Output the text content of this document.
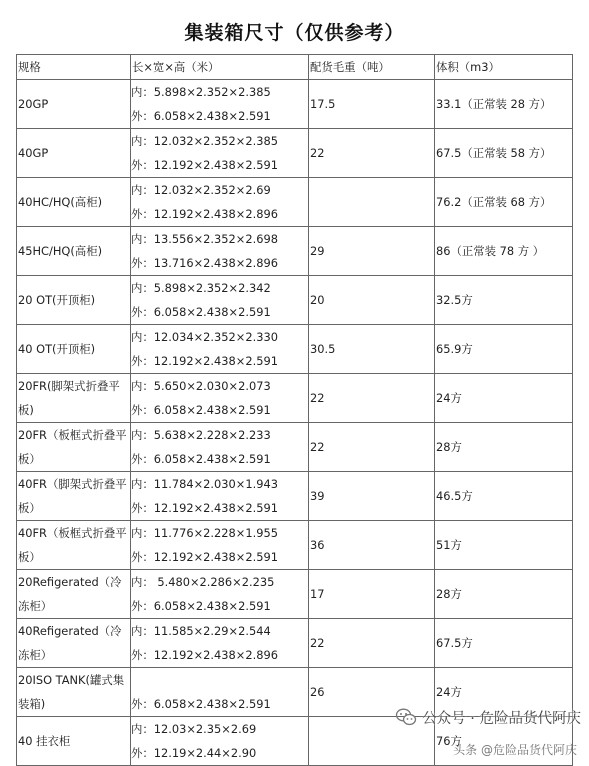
集装箱尺寸（仅供参考）
规格	长×宽×高（米）	配货毛重（吨）	体积（m3）

20GP	内：5.898×2.352×2.385
外：6.058×2.438×2.591	17.5	33.1（正常装 28 方）

40GP	内：12.032×2.352×2.385
外：12.192×2.438×2.591	22	67.5（正常装 58 方）

40HC/HQ(高柜)	内：12.032×2.352×2.69
外：12.192×2.438×2.896		76.2（正常装 68 方）

45HC/HQ(高柜)	内：13.556×2.352×2.698
外：13.716×2.438×2.896	29	86（正常装 78 方 ）

20 OT(开顶柜)	内：5.898×2.352×2.342
外：6.058×2.438×2.591	20	32.5方

40 OT(开顶柜)	内：12.034×2.352×2.330
外：12.192×2.438×2.591	30.5	65.9方

20FR(脚架式折叠平板)	内：5.650×2.030×2.073
外：6.058×2.438×2.591	22	24方

20FR（板框式折叠平板）	内：5.638×2.228×2.233
外：6.058×2.438×2.591	22	28方

40FR（脚架式折叠平板）	内：11.784×2.030×1.943
外：12.192×2.438×2.591	39	46.5方

40FR（板框式折叠平板）	内：11.776×2.228×1.955
外：12.192×2.438×2.591	36	51方

20Refigerated（冷冻柜）	内： 5.480×2.286×2.235
外：6.058×2.438×2.591	17	28方

40Refigerated（冷冻柜）	内：11.585×2.29×2.544
外：12.192×2.438×2.896	22	67.5方

20ISO TANK(罐式集装箱)	外：6.058×2.438×2.591	26	24方

40 挂衣柜	内：12.03×2.35×2.69
外：12.19×2.44×2.90		76方
公众号 · 危险品货代阿庆
头条 @危险品货代阿庆
